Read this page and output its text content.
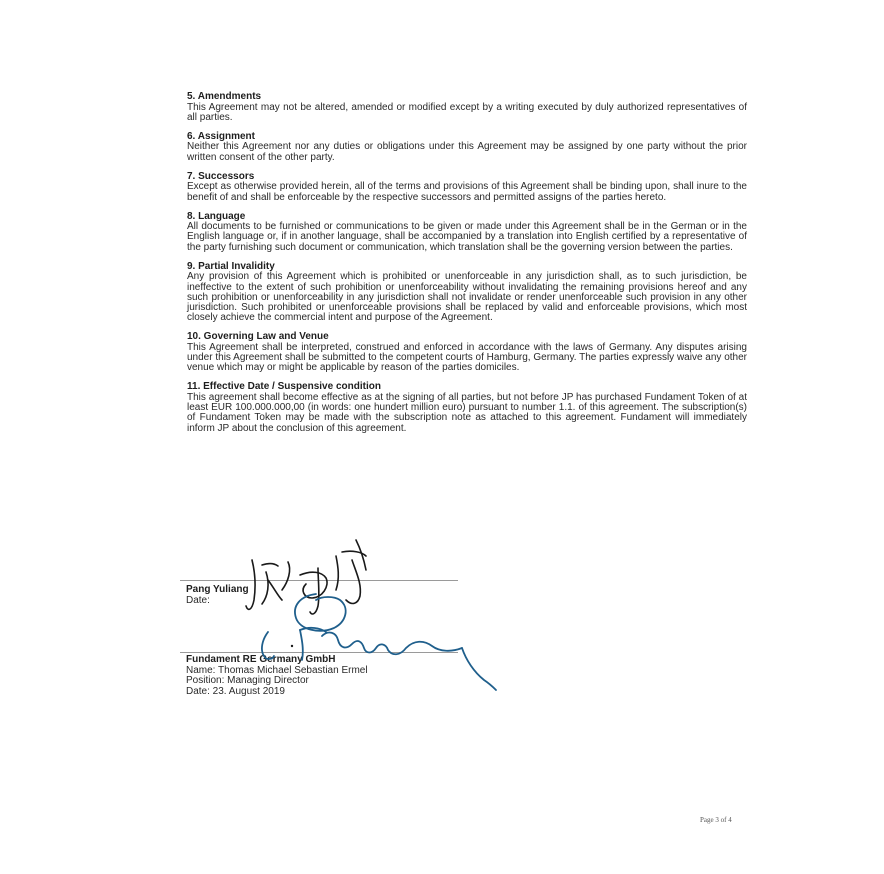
5. Amendments

This Agreement may not be altered, amended or modified except by a writing executed by duly authorized representatives of all parties.

6. Assignment

Neither this Agreement nor any duties or obligations under this Agreement may be assigned by one party without the prior written consent of the other party.

7. Successors

Except as otherwise provided herein, all of the terms and provisions of this Agreement shall be binding upon, shall inure to the benefit of and shall be enforceable by the respective successors and permitted assigns of the parties hereto.

8. Language

All documents to be furnished or communications to be given or made under this Agreement shall be in the German or in the English language or, if in another language, shall be accompanied by a translation into English certified by a representative of the party furnishing such document or communication, which translation shall be the governing version between the parties.

9. Partial Invalidity

Any provision of this Agreement which is prohibited or unenforceable in any jurisdiction shall, as to such jurisdiction, be ineffective to the extent of such prohibition or unenforceability without invalidating the remaining provisions hereof and any such prohibition or unenforceability in any jurisdiction shall not invalidate or render unenforceable such provision in any other jurisdiction. Such prohibited or unenforceable provisions shall be replaced by valid and enforceable provisions, which most closely achieve the commercial intent and purpose of the Agreement.

10. Governing Law and Venue

This Agreement shall be interpreted, construed and enforced in accordance with the laws of Germany. Any disputes arising under this Agreement shall be submitted to the competent courts of Hamburg, Germany. The parties expressly waive any other venue which may or might be applicable by reason of the parties domiciles.

11. Effective Date / Suspensive condition

This agreement shall become effective as at the signing of all parties, but not before JP has purchased Fundament Token of at least EUR 100.000.000,00 (in words: one hundert million euro) pursuant to number 1.1. of this agreement. The subscription(s) of Fundament Token may be made with the subscription note as attached to this agreement. Fundament will immediately inform JP about the conclusion of this agreement.

Pang Yuliang
Date:
Fundament RE Germany GmbH
Name: Thomas Michael Sebastian Ermel
Position: Managing Director
Date: 23. August 2019
Page 3 of 4
